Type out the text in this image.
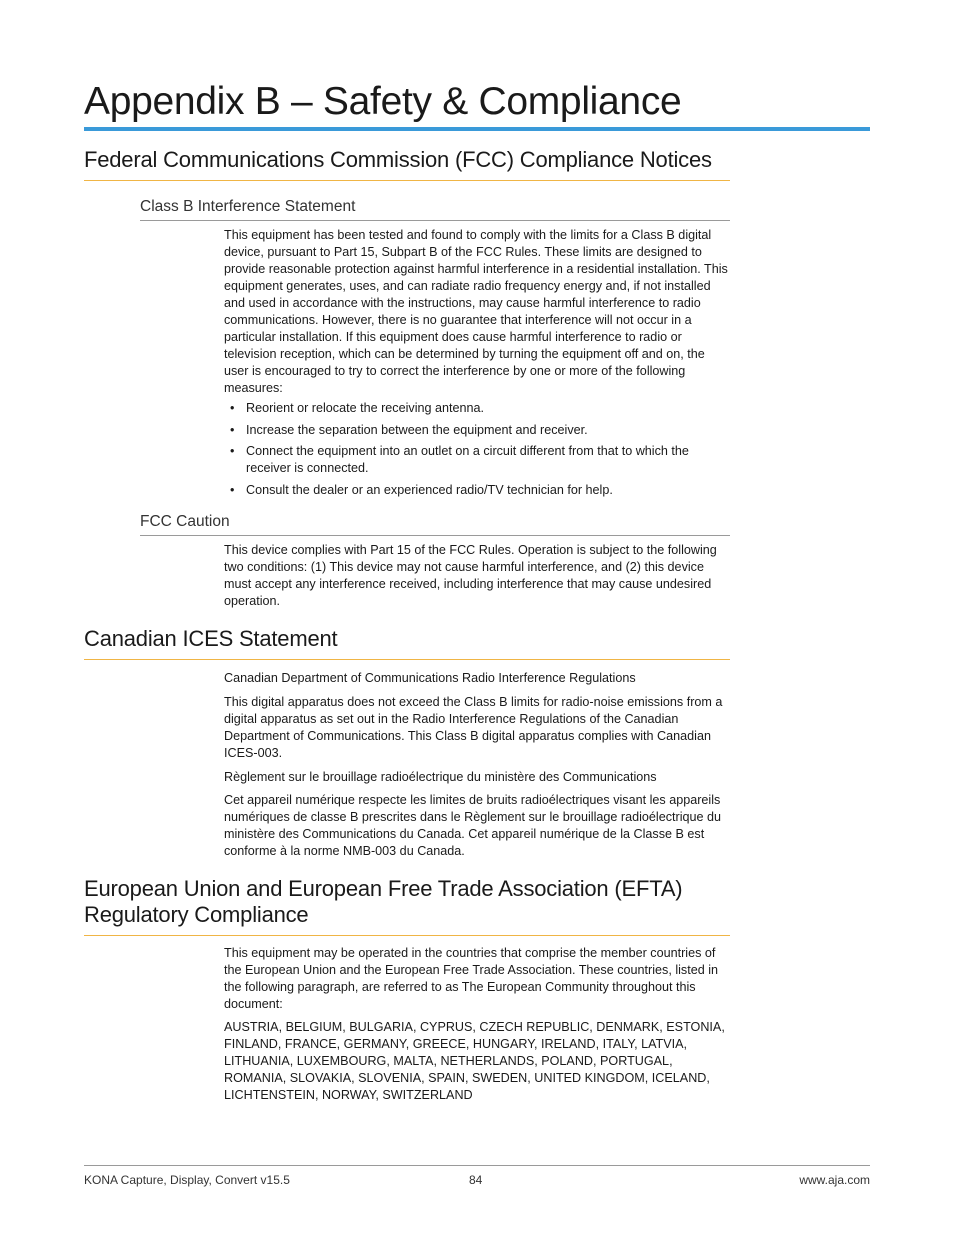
Appendix B – Safety & Compliance
Federal Communications Commission (FCC) Compliance Notices
Class B Interference Statement

This equipment has been tested and found to comply with the limits for a Class B digital device, pursuant to Part 15, Subpart B of the FCC Rules. These limits are designed to provide reasonable protection against harmful interference in a residential installation. This equipment generates, uses, and can radiate radio frequency energy and, if not installed and used in accordance with the instructions, may cause harmful interference to radio communications. However, there is no guarantee that interference will not occur in a particular installation. If this equipment does cause harmful interference to radio or television reception, which can be determined by turning the equipment off and on, the user is encouraged to try to correct the interference by one or more of the following measures:

• Reorient or relocate the receiving antenna.
• Increase the separation between the equipment and receiver.
• Connect the equipment into an outlet on a circuit different from that to which the receiver is connected.
• Consult the dealer or an experienced radio/TV technician for help.
FCC Caution

This device complies with Part 15 of the FCC Rules. Operation is subject to the following two conditions: (1) This device may not cause harmful interference, and (2) this device must accept any interference received, including interference that may cause undesired operation.

Canadian ICES Statement

Canadian Department of Communications Radio Interference Regulations

This digital apparatus does not exceed the Class B limits for radio-noise emissions from a digital apparatus as set out in the Radio Interference Regulations of the Canadian Department of Communications. This Class B digital apparatus complies with Canadian ICES-003.

Règlement sur le brouillage radioélectrique du ministère des Communications

Cet appareil numérique respecte les limites de bruits radioélectriques visant les appareils numériques de classe B prescrites dans le Règlement sur le brouillage radioélectrique du ministère des Communications du Canada. Cet appareil numérique de la Classe B est conforme à la norme NMB-003 du Canada.

European Union and European Free Trade Association (EFTA)
Regulatory Compliance

This equipment may be operated in the countries that comprise the member countries of the European Union and the European Free Trade Association. These countries, listed in the following paragraph, are referred to as The European Community throughout this document:

AUSTRIA, BELGIUM, BULGARIA, CYPRUS, CZECH REPUBLIC, DENMARK, ESTONIA, FINLAND, FRANCE, GERMANY, GREECE, HUNGARY, IRELAND, ITALY, LATVIA, LITHUANIA, LUXEMBOURG, MALTA, NETHERLANDS, POLAND, PORTUGAL, ROMANIA, SLOVAKIA, SLOVENIA, SPAIN, SWEDEN, UNITED KINGDOM, ICELAND, LICHTENSTEIN, NORWAY, SWITZERLAND

KONA Capture, Display, Convert v15.5	84	www.aja.com
